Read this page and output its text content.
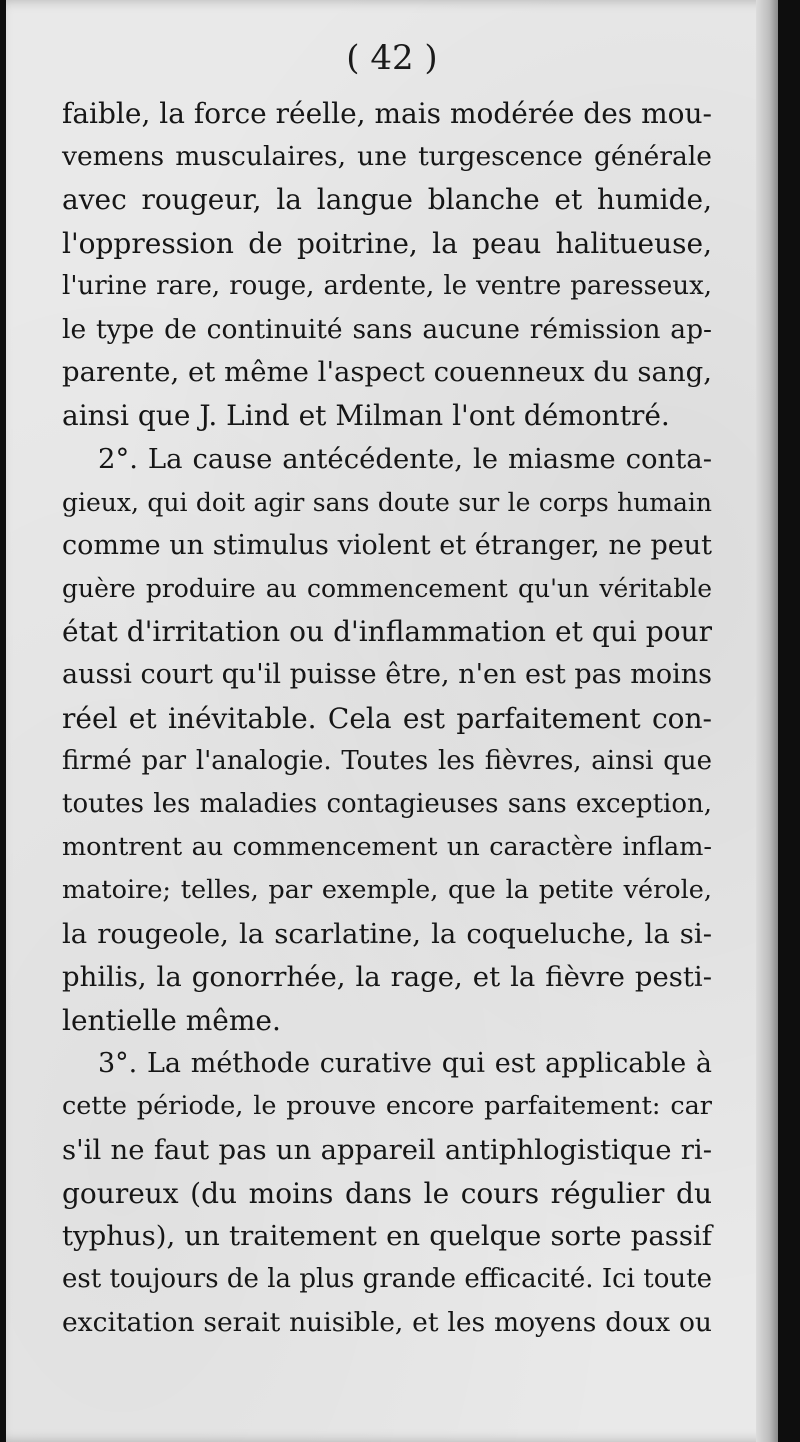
( 42 )
faible, la force réelle, mais modérée des mou-
vemens musculaires, une turgescence générale
avec rougeur, la langue blanche et humide,
l'oppression de poitrine, la peau halitueuse,
l'urine rare, rouge, ardente, le ventre paresseux,
le type de continuité sans aucune rémission ap-
parente, et même l'aspect couenneux du sang,
ainsi que J. Lind et Milman l'ont démontré.
2°. La cause antécédente, le miasme conta-
gieux, qui doit agir sans doute sur le corps humain
comme un stimulus violent et étranger, ne peut
guère produire au commencement qu'un véritable
état d'irritation ou d'inflammation et qui pour
aussi court qu'il puisse être, n'en est pas moins
réel et inévitable. Cela est parfaitement con-
firmé par l'analogie. Toutes les fièvres, ainsi que
toutes les maladies contagieuses sans exception,
montrent au commencement un caractère inflam-
matoire; telles, par exemple, que la petite vérole,
la rougeole, la scarlatine, la coqueluche, la si-
philis, la gonorrhée, la rage, et la fièvre pesti-
lentielle même.
3°. La méthode curative qui est applicable à
cette période, le prouve encore parfaitement: car
s'il ne faut pas un appareil antiphlogistique ri-
goureux (du moins dans le cours régulier du
typhus), un traitement en quelque sorte passif
est toujours de la plus grande efficacité. Ici toute
excitation serait nuisible, et les moyens doux ou
